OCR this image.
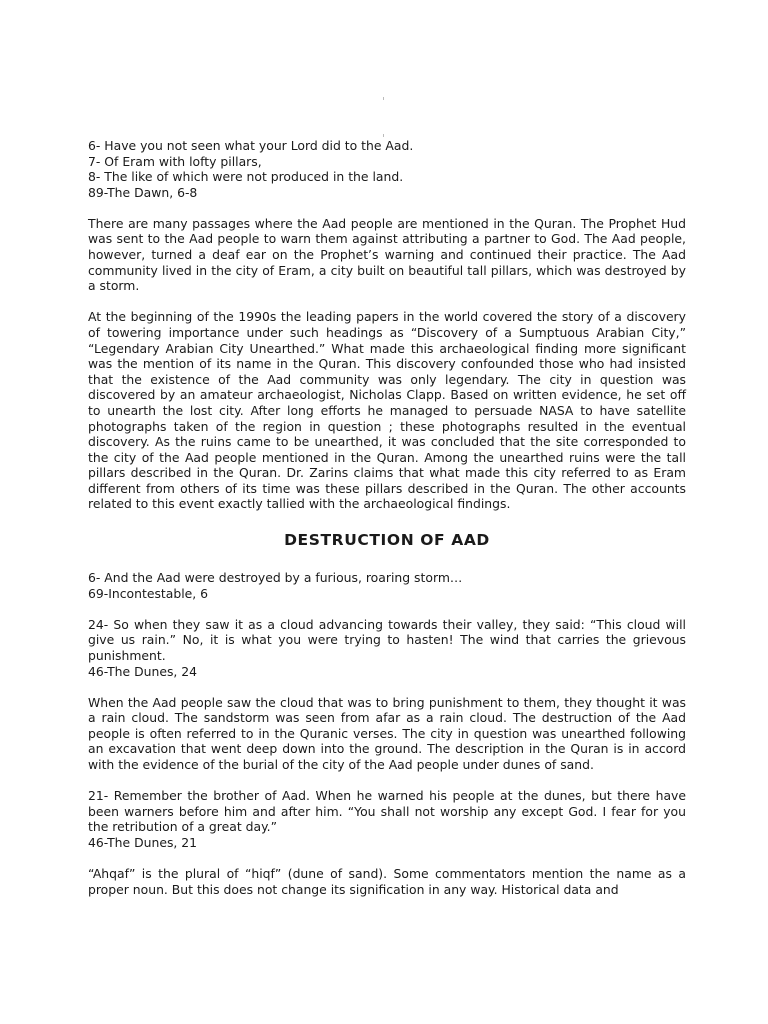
6- Have you not seen what your Lord did to the Aad.
7- Of Eram with lofty pillars,
8- The like of which were not produced in the land.
89-The Dawn, 6-8
There are many passages where the Aad people are mentioned in the Quran. The Prophet Hud was sent to the Aad people to warn them against attributing a partner to God. The Aad people, however, turned a deaf ear on the Prophet’s warning and continued their practice. The Aad community lived in the city of Eram, a city built on beautiful tall pillars, which was destroyed by a storm.
At the beginning of the 1990s the leading papers in the world covered the story of a discovery of towering importance under such headings as “Discovery of a Sumptuous Arabian City,” “Legendary Arabian City Unearthed.” What made this archaeological finding more significant was the mention of its name in the Quran. This discovery confounded those who had insisted that the existence of the Aad community was only legendary. The city in question was discovered by an amateur archaeologist, Nicholas Clapp. Based on written evidence, he set off to unearth the lost city. After long efforts he managed to persuade NASA to have satellite photographs taken of the region in question ; these photographs resulted in the eventual discovery. As the ruins came to be unearthed, it was concluded that the site corresponded to the city of the Aad people mentioned in the Quran. Among the unearthed ruins were the tall pillars described in the Quran. Dr. Zarins claims that what made this city referred to as Eram different from others of its time was these pillars described in the Quran. The other accounts related to this event exactly tallied with the archaeological findings.
DESTRUCTION OF AAD
6- And the Aad were destroyed by a furious, roaring storm…
69-Incontestable, 6
24- So when they saw it as a cloud advancing towards their valley, they said: “This cloud will give us rain.” No, it is what you were trying to hasten! The wind that carries the grievous punishment.
46-The Dunes, 24
When the Aad people saw the cloud that was to bring punishment to them, they thought it was a rain cloud. The sandstorm was seen from afar as a rain cloud. The destruction of the Aad people is often referred to in the Quranic verses. The city in question was unearthed following an excavation that went deep down into the ground. The description in the Quran is in accord with the evidence of the burial of the city of the Aad people under dunes of sand.
21- Remember the brother of Aad. When he warned his people at the dunes, but there have been warners before him and after him. “You shall not worship any except God. I fear for you the retribution of a great day.”
46-The Dunes, 21
“Ahqaf” is the plural of “hiqf” (dune of sand). Some commentators mention the name as a proper noun. But this does not change its signification in any way. Historical data and
